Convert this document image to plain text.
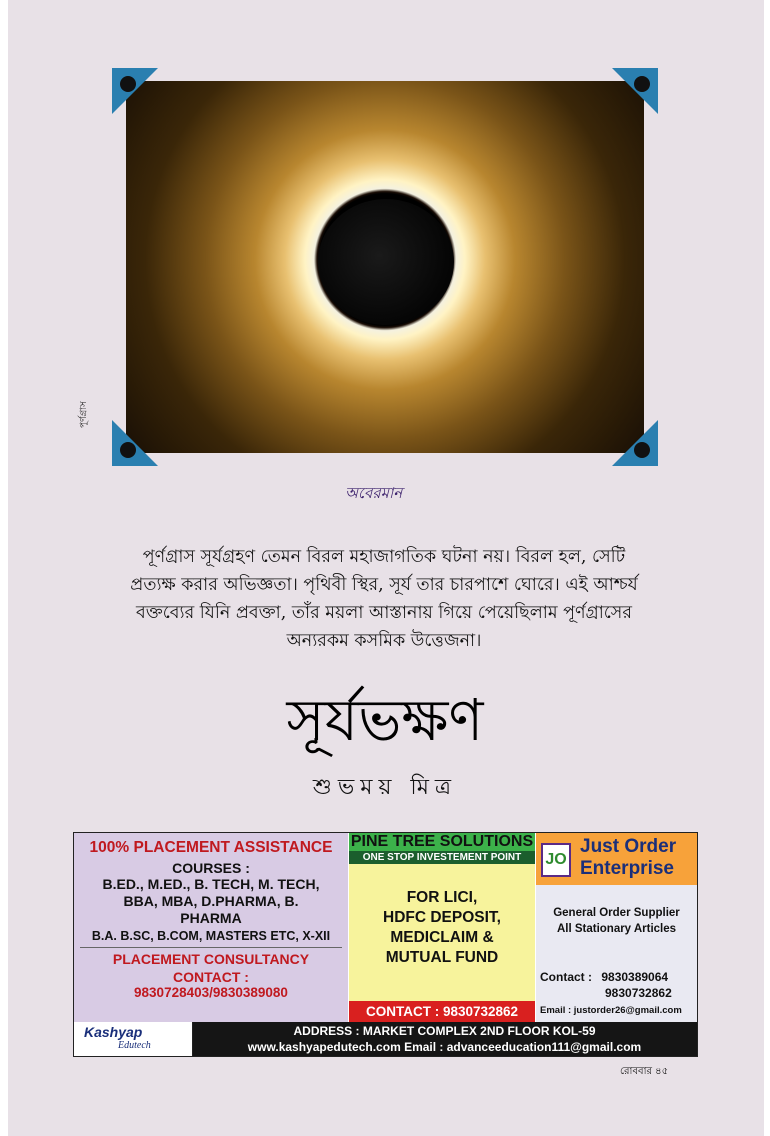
পূর্ণগ্রাস
অবেরমান
পূর্ণগ্রাস সূর্যগ্রহণ তেমন বিরল মহাজাগতিক ঘটনা নয়। বিরল হল, সেটি
প্রত্যক্ষ করার অভিজ্ঞতা। পৃথিবী স্থির, সূর্য তার চারপাশে ঘোরে। এই আশ্চর্য
বক্তব্যের যিনি প্রবক্তা, তাঁর ময়লা আস্তানায় গিয়ে পেয়েছিলাম পূর্ণগ্রাসের
অন্যরকম কসমিক উত্তেজনা।
সূর্যভক্ষণ
শুভময় মিত্র
100% PLACEMENT ASSISTANCE
COURSES :
B.ED., M.ED., B. TECH, M. TECH,
BBA, MBA, D.PHARMA, B.
PHARMA
B.A. B.SC, B.COM, MASTERS ETC, X-XII
PLACEMENT CONSULTANCY
CONTACT :
9830728403/9830389080
PINE TREE SOLUTIONS
ONE STOP INVESTEMENT POINT
FOR LICI,
HDFC DEPOSIT,
MEDICLAIM &
MUTUAL FUND
CONTACT : 9830732862
JO
Just Order
Enterprise
General Order Supplier
All Stationary Articles
Contact : 9830389064
9830732862
Email : justorder26@gmail.com
Kashyap
Edutech
ADDRESS : MARKET COMPLEX 2ND FLOOR KOL-59
www.kashyapedutech.com Email : advanceeducation111@gmail.com
রোববার ৪৫
